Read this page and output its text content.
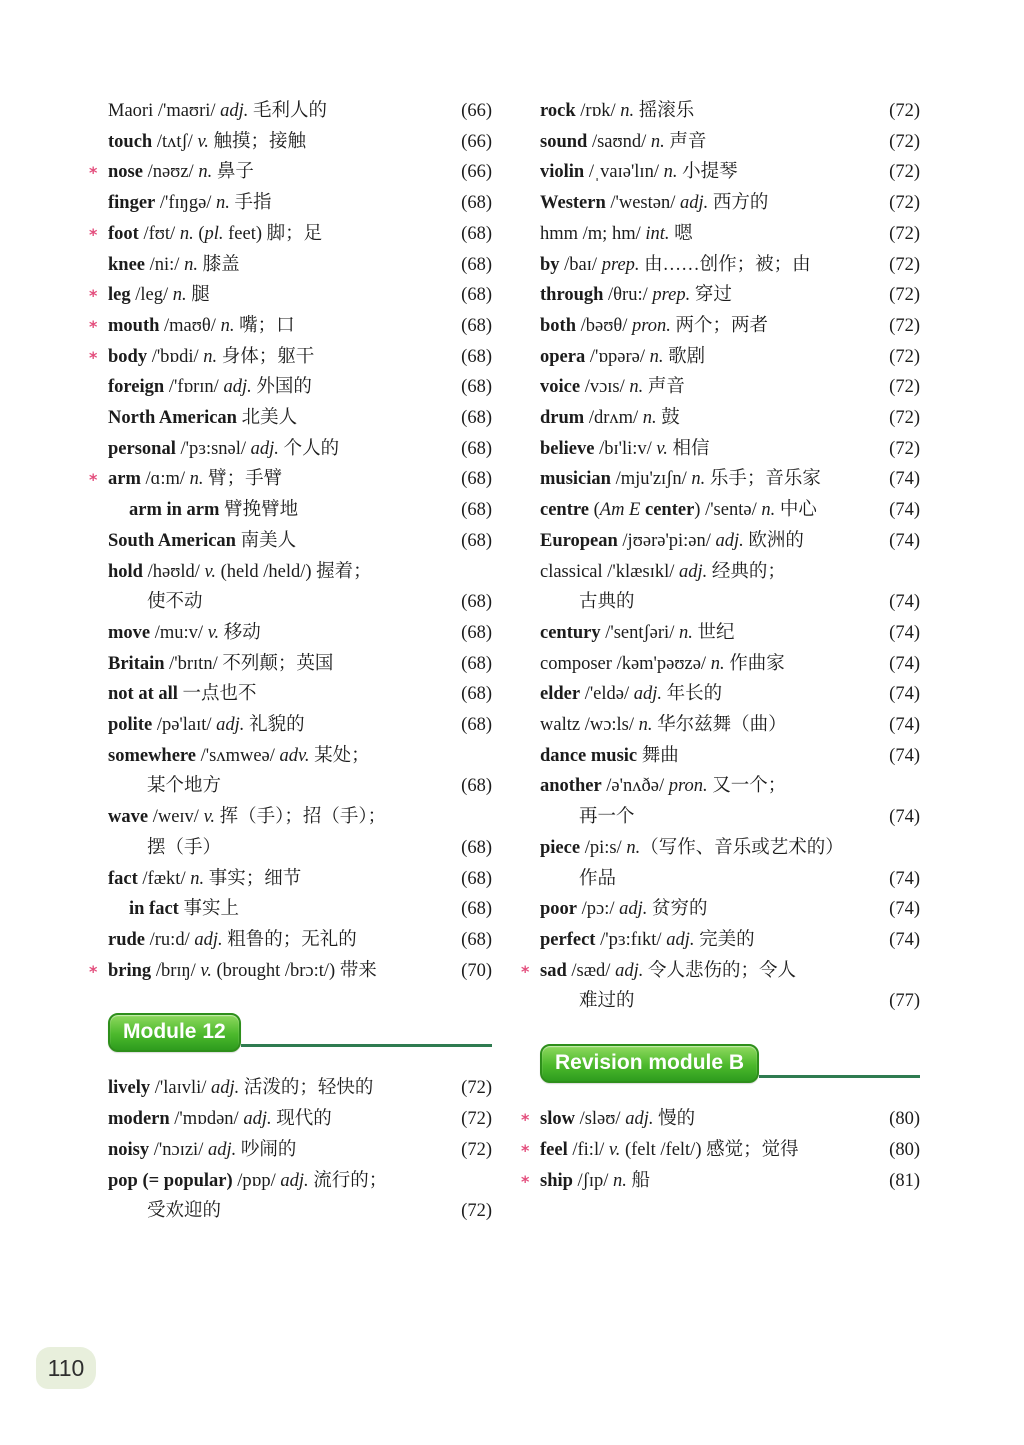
Maori /'maʊri/ adj. 毛利人的	(66)
touch /tʌtʃ/ v. 触摸；接触	(66)
* nose /nəʊz/ n. 鼻子	(66)
finger /'fɪŋgə/ n. 手指	(68)
* foot /fʊt/ n. (pl. feet) 脚；足	(68)
knee /ni:/ n. 膝盖	(68)
* leg /leg/ n. 腿	(68)
* mouth /maʊθ/ n. 嘴；口	(68)
* body /'bɒdi/ n. 身体；躯干	(68)
foreign /'fɒrɪn/ adj. 外国的	(68)
North American 北美人	(68)
personal /'pɜ:snəl/ adj. 个人的	(68)
* arm /ɑ:m/ n. 臂；手臂	(68)
arm in arm 臂挽臂地	(68)
South American 南美人	(68)
hold /həʊld/ v. (held /held/) 握着；
使不动	(68)
move /mu:v/ v. 移动	(68)
Britain /'brɪtn/ 不列颠；英国	(68)
not at all 一点也不	(68)
polite /pə'laɪt/ adj. 礼貌的	(68)
somewhere /'sʌmweə/ adv. 某处；
某个地方	(68)
wave /weɪv/ v. 挥（手）；招（手）；
摆（手）	(68)
fact /fækt/ n. 事实；细节	(68)
in fact 事实上	(68)
rude /ru:d/ adj. 粗鲁的；无礼的	(68)
* bring /brɪŋ/ v. (brought /brɔ:t/) 带来	(70)
Module 12
lively /'laɪvli/ adj. 活泼的；轻快的	(72)
modern /'mɒdən/ adj. 现代的	(72)
noisy /'nɔɪzi/ adj. 吵闹的	(72)
pop (= popular) /pɒp/ adj. 流行的；
受欢迎的	(72)
rock /rɒk/ n. 摇滚乐	(72)
sound /saʊnd/ n. 声音	(72)
violin /ˌvaɪə'lɪn/ n. 小提琴	(72)
Western /'westən/ adj. 西方的	(72)
hmm /m; hm/ int. 嗯	(72)
by /baɪ/ prep. 由……创作；被；由	(72)
through /θru:/ prep. 穿过	(72)
both /bəʊθ/ pron. 两个；两者	(72)
opera /'ɒpərə/ n. 歌剧	(72)
voice /vɔɪs/ n. 声音	(72)
drum /drʌm/ n. 鼓	(72)
believe /bɪ'li:v/ v. 相信	(72)
musician /mju'zɪʃn/ n. 乐手；音乐家	(74)
centre (Am E center) /'sentə/ n. 中心	(74)
European /jʊərə'pi:ən/ adj. 欧洲的	(74)
classical /'klæsɪkl/ adj. 经典的；
古典的	(74)
century /'sentʃəri/ n. 世纪	(74)
composer /kəm'pəʊzə/ n. 作曲家	(74)
elder /'eldə/ adj. 年长的	(74)
waltz /wɔ:ls/ n. 华尔兹舞（曲）	(74)
dance music 舞曲	(74)
another /ə'nʌðə/ pron. 又一个；
再一个	(74)
piece /pi:s/ n.（写作、音乐或艺术的）
作品	(74)
poor /pɔ:/ adj. 贫穷的	(74)
perfect /'pɜ:fɪkt/ adj. 完美的	(74)
* sad /sæd/ adj. 令人悲伤的；令人
难过的	(77)
Revision module B
* slow /sləʊ/ adj. 慢的	(80)
* feel /fi:l/ v. (felt /felt/) 感觉；觉得	(80)
* ship /ʃɪp/ n. 船	(81)
110
